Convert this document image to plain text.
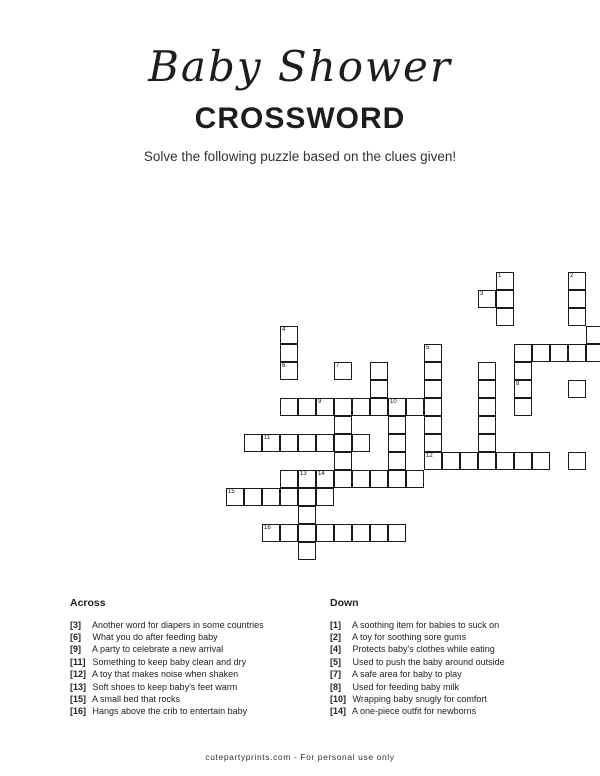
Baby Shower
CROSSWORD
Solve the following puzzle based on the clues given!
8
9	10
11
12
13 14
15
16
1	2
3
4
5
6	7
Across
[3] Another word for diapers in some countries
[6] What you do after feeding baby
[9] A party to celebrate a new arrival
[11] Something to keep baby clean and dry
[12] A toy that makes noise when shaken
[13] Soft shoes to keep baby's feet warm
[15] A small bed that rocks
[16] Hangs above the crib to entertain baby
Down
[1] A soothing item for babies to suck on
[2] A toy for soothing sore gums
[4] Protects baby's clothes while eating
[5] Used to push the baby around outside
[7] A safe area for baby to play
[8] Used for feeding baby milk
[10] Wrapping baby snugly for comfort
[14] A one-piece outfit for newborns
cutepartyprints.com - For personal use only
